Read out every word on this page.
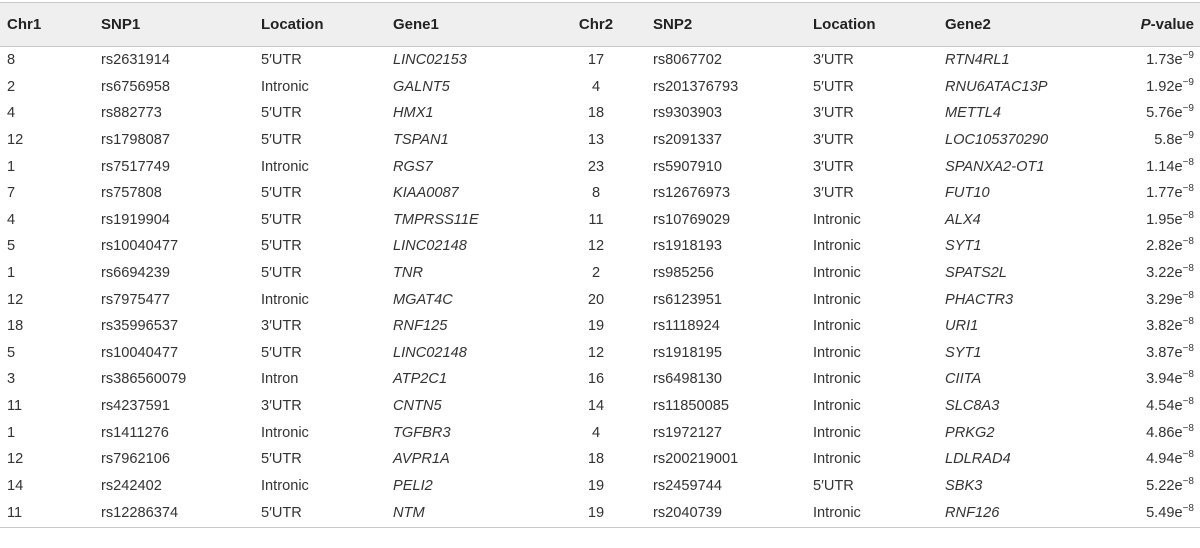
Chr1	SNP1	Location	Gene1	Chr2	SNP2	Location	Gene2	P-value
8	rs2631914	5′UTR	LINC02153	17	rs8067702	3′UTR	RTN4RL1	$1.73e^{-9}$
2	rs6756958	Intronic	GALNT5	4	rs201376793	5′UTR	RNU6ATAC13P	$1.92e^{-9}$
4	rs882773	5′UTR	HMX1	18	rs9303903	3′UTR	METTL4	$5.76e^{-9}$
12	rs1798087	5′UTR	TSPAN1	13	rs2091337	3′UTR	LOC105370290	$5.8e^{-9}$
1	rs7517749	Intronic	RGS7	23	rs5907910	3′UTR	SPANXA2-OT1	$1.14e^{-8}$
7	rs757808	5′UTR	KIAA0087	8	rs12676973	3′UTR	FUT10	$1.77e^{-8}$
4	rs1919904	5′UTR	TMPRSS11E	11	rs10769029	Intronic	ALX4	$1.95e^{-8}$
5	rs10040477	5′UTR	LINC02148	12	rs1918193	Intronic	SYT1	$2.82e^{-8}$
1	rs6694239	5′UTR	TNR	2	rs985256	Intronic	SPATS2L	$3.22e^{-8}$
12	rs7975477	Intronic	MGAT4C	20	rs6123951	Intronic	PHACTR3	$3.29e^{-8}$
18	rs35996537	3′UTR	RNF125	19	rs1118924	Intronic	URI1	$3.82e^{-8}$
5	rs10040477	5′UTR	LINC02148	12	rs1918195	Intronic	SYT1	$3.87e^{-8}$
3	rs386560079	Intron	ATP2C1	16	rs6498130	Intronic	CIITA	$3.94e^{-8}$
11	rs4237591	3′UTR	CNTN5	14	rs11850085	Intronic	SLC8A3	$4.54e^{-8}$
1	rs1411276	Intronic	TGFBR3	4	rs1972127	Intronic	PRKG2	$4.86e^{-8}$
12	rs7962106	5′UTR	AVPR1A	18	rs200219001	Intronic	LDLRAD4	$4.94e^{-8}$
14	rs242402	Intronic	PELI2	19	rs2459744	5′UTR	SBK3	$5.22e^{-8}$
11	rs12286374	5′UTR	NTM	19	rs2040739	Intronic	RNF126	$5.49e^{-8}$
